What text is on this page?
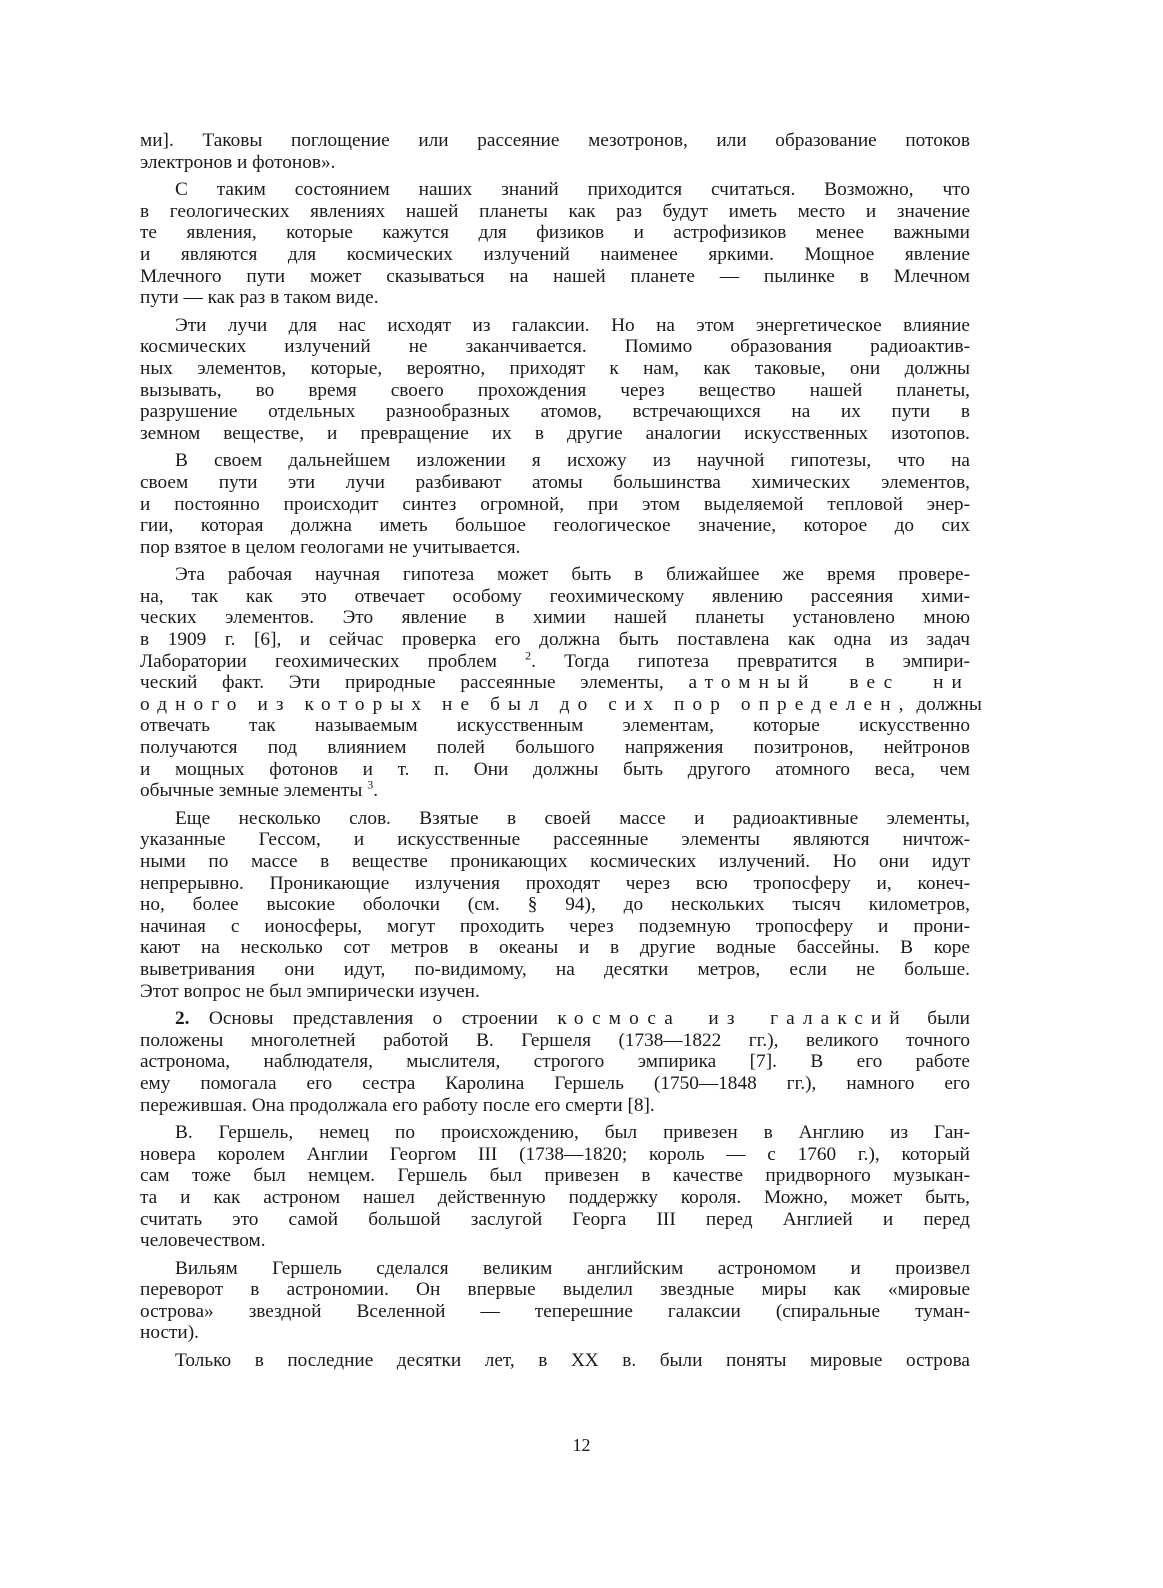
ми]. Таковы поглощение или рассеяние мезотронов, или образование потоков
электронов и фотонов».
С таким состоянием наших знаний приходится считаться. Возможно, что
в геологических явлениях нашей планеты как раз будут иметь место и значение
те явления, которые кажутся для физиков и астрофизиков менее важными
и являются для космических излучений наименее яркими. Мощное явление
Млечного пути может сказываться на нашей планете — пылинке в Млечном
пути — как раз в таком виде.
Эти лучи для нас исходят из галаксии. Но на этом энергетическое влияние
космических излучений не заканчивается. Помимо образования радиоактив-
ных элементов, которые, вероятно, приходят к нам, как таковые, они должны
вызывать, во время своего прохождения через вещество нашей планеты,
разрушение отдельных разнообразных атомов, встречающихся на их пути в
земном веществе, и превращение их в другие аналогии искусственных изотопов.
В своем дальнейшем изложении я исхожу из научной гипотезы, что на
своем пути эти лучи разбивают атомы большинства химических элементов,
и постоянно происходит синтез огромной, при этом выделяемой тепловой энер-
гии, которая должна иметь большое геологическое значение, которое до сих
пор взятое в целом геологами не учитывается.
Эта рабочая научная гипотеза может быть в ближайшее же время провере-
на, так как это отвечает особому геохимическому явлению рассеяния хими-
ческих элементов. Это явление в химии нашей планеты установлено мною
в 1909 г. [6], и сейчас проверка его должна быть поставлена как одна из задач
Лаборатории геохимических проблем $^2$. Тогда гипотеза превратится в эмпири-
ческий факт. Эти природные рассеянные элементы, атомный вес ни
одного из которых не был до сих пор определен, должны
отвечать так называемым искусственным элементам, которые искусственно
получаются под влиянием полей большого напряжения позитронов, нейтронов
и мощных фотонов и т. п. Они должны быть другого атомного веса, чем
обычные земные элементы $^3$.
Еще несколько слов. Взятые в своей массе и радиоактивные элементы,
указанные Гессом, и искусственные рассеянные элементы являются ничтож-
ными по массе в веществе проникающих космических излучений. Но они идут
непрерывно. Проникающие излучения проходят через всю тропосферу и, конеч-
но, более высокие оболочки (см. § 94), до нескольких тысяч километров,
начиная с ионосферы, могут проходить через подземную тропосферу и прони-
кают на несколько сот метров в океаны и в другие водные бассейны. В коре
выветривания они идут, по-видимому, на десятки метров, если не больше.
Этот вопрос не был эмпирически изучен.
2. Основы представления о строении космоса из галаксий были
положены многолетней работой В. Гершеля (1738—1822 гг.), великого точного
астронома, наблюдателя, мыслителя, строгого эмпирика [7]. В его работе
ему помогала его сестра Каролина Гершель (1750—1848 гг.), намного его
пережившая. Она продолжала его работу после его смерти [8].
В. Гершель, немец по происхождению, был привезен в Англию из Ган-
новера королем Англии Георгом III (1738—1820; король — с 1760 г.), который
сам тоже был немцем. Гершель был привезен в качестве придворного музыкан-
та и как астроном нашел действенную поддержку короля. Можно, может быть,
считать это самой большой заслугой Георга III перед Англией и перед
человечеством.
Вильям Гершель сделался великим английским астрономом и произвел
переворот в астрономии. Он впервые выделил звездные миры как «мировые
острова» звездной Вселенной — теперешние галаксии (спиральные туман-
ности).
Только в последние десятки лет, в XX в. были поняты мировые острова
12
